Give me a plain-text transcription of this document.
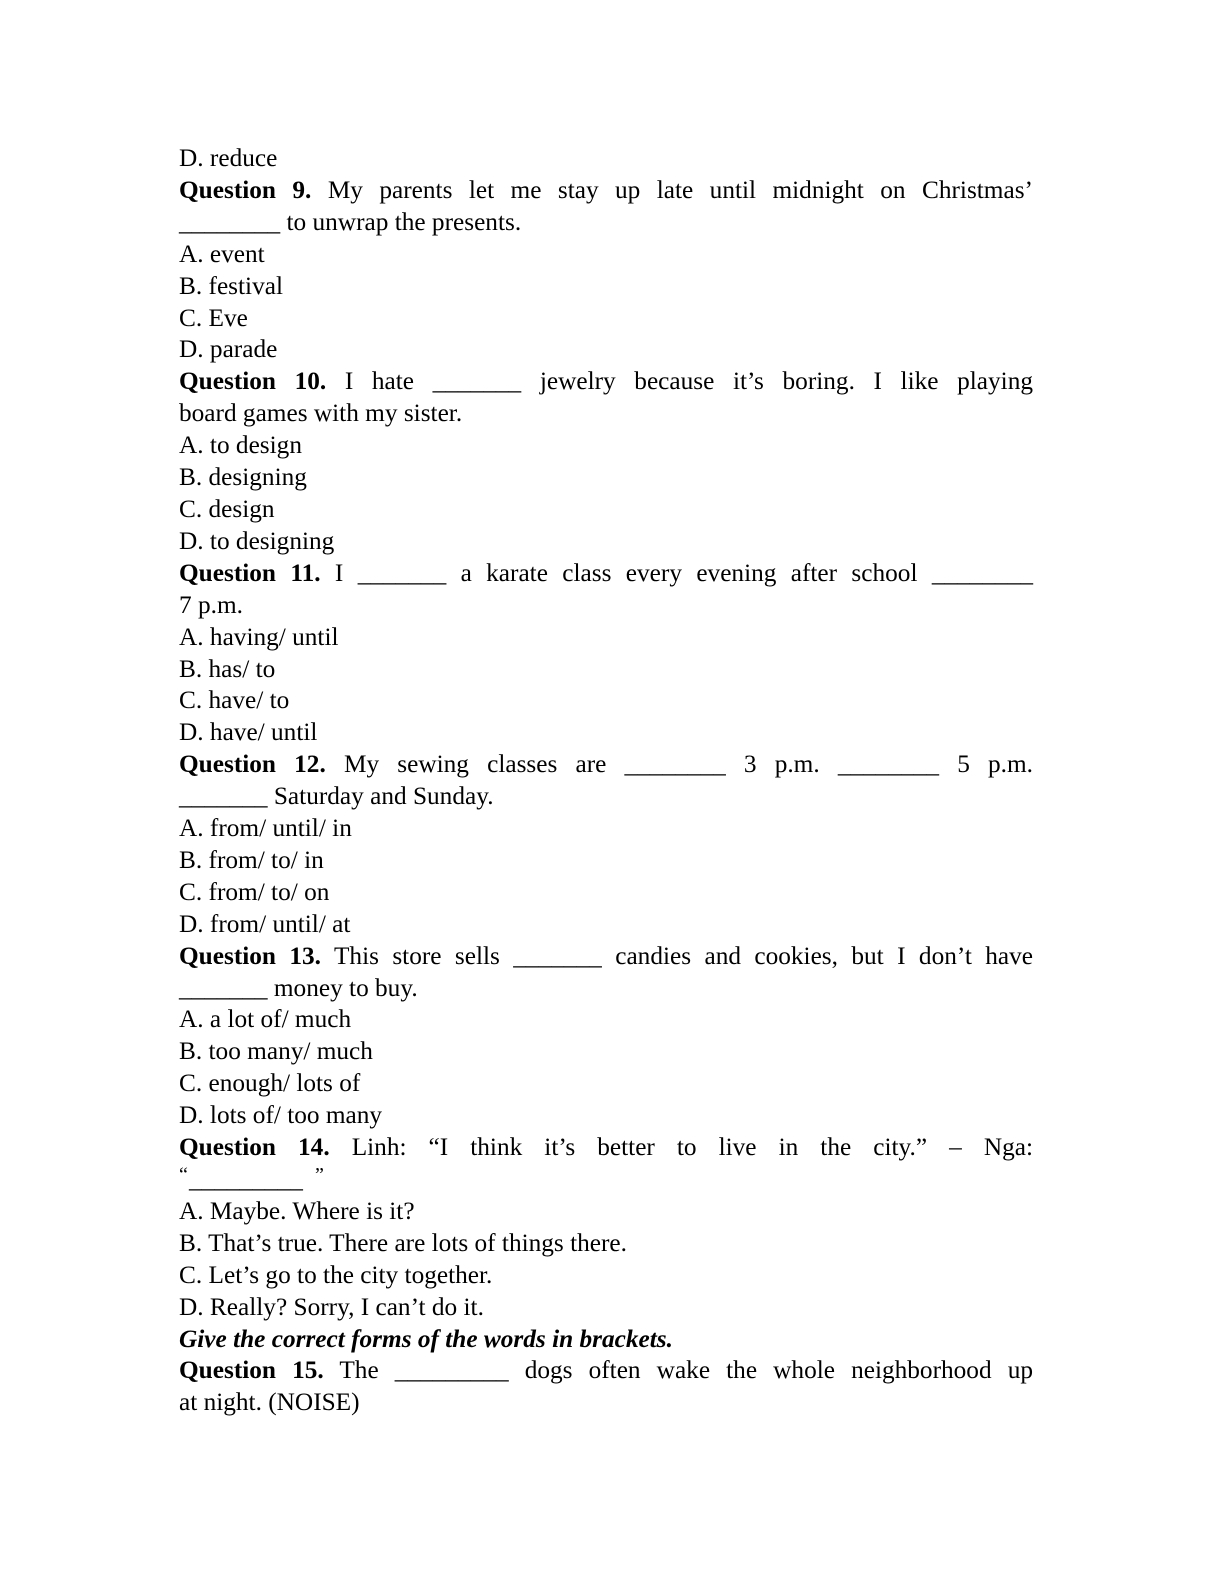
D. reduce
Question 9. My parents let me stay up late until midnight on Christmas’
________ to unwrap the presents.
A. event
B. festival
C. Eve
D. parade
Question 10. I hate _______ jewelry because it’s boring. I like playing
board games with my sister.
A. to design
B. designing
C. design
D. to designing
Question 11. I _______ a karate class every evening after school ________
7 p.m.
A. having/ until
B. has/ to
C. have/ to
D. have/ until
Question 12. My sewing classes are ________ 3 p.m. ________ 5 p.m.
_______ Saturday and Sunday.
A. from/ until/ in
B. from/ to/ in
C. from/ to/ on
D. from/ until/ at
Question 13. This store sells _______ candies and cookies, but I don’t have
_______ money to buy.
A. a lot of/ much
B. too many/ much
C. enough/ lots of
D. lots of/ too many
Question 14. Linh: “I think it’s better to live in the city.” – Nga:
“ _________ ”
A. Maybe. Where is it?
B. That’s true. There are lots of things there.
C. Let’s go to the city together.
D. Really? Sorry, I can’t do it.
Give the correct forms of the words in brackets.
Question 15. The _________ dogs often wake the whole neighborhood up
at night. (NOISE)
